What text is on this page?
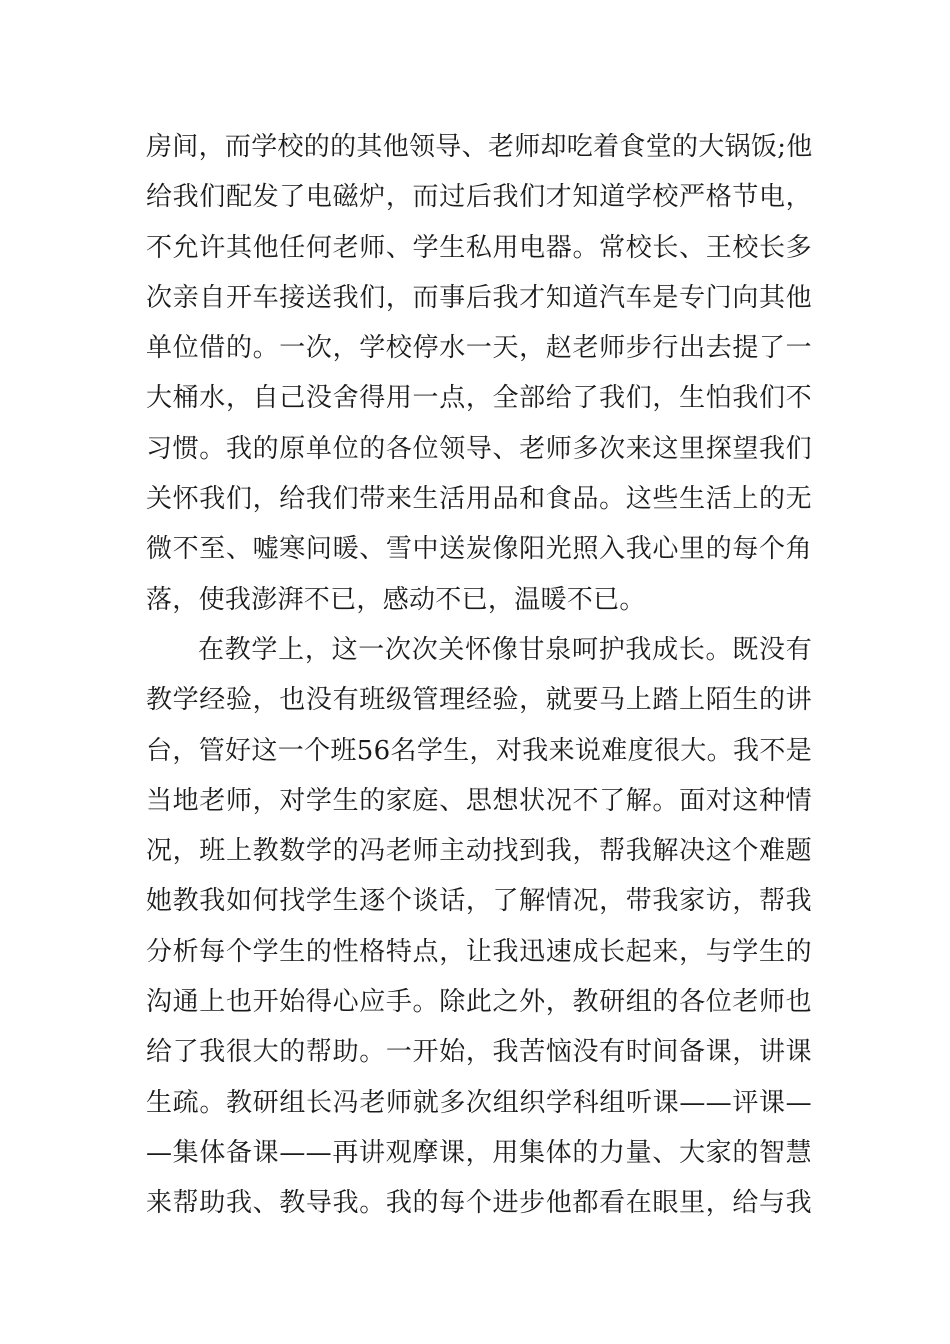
房间，而学校的的其他领导、老师却吃着食堂的大锅饭;他
给我们配发了电磁炉，而过后我们才知道学校严格节电，
不允许其他任何老师、学生私用电器。常校长、王校长多
次亲自开车接送我们，而事后我才知道汽车是专门向其他
单位借的。一次，学校停水一天，赵老师步行出去提了一
大桶水，自己没舍得用一点，全部给了我们，生怕我们不
习惯。我的原单位的各位领导、老师多次来这里探望我们
关怀我们，给我们带来生活用品和食品。这些生活上的无
微不至、嘘寒问暖、雪中送炭像阳光照入我心里的每个角
落，使我澎湃不已，感动不已，温暖不已。
在教学上，这一次次关怀像甘泉呵护我成长。既没有
教学经验，也没有班级管理经验，就要马上踏上陌生的讲
台，管好这一个班56名学生，对我来说难度很大。我不是
当地老师，对学生的家庭、思想状况不了解。面对这种情
况，班上教数学的冯老师主动找到我，帮我解决这个难题
她教我如何找学生逐个谈话，了解情况，带我家访，帮我
分析每个学生的性格特点，让我迅速成长起来，与学生的
沟通上也开始得心应手。除此之外，教研组的各位老师也
给了我很大的帮助。一开始，我苦恼没有时间备课，讲课
生疏。教研组长冯老师就多次组织学科组听课——评课—
—集体备课——再讲观摩课，用集体的力量、大家的智慧
来帮助我、教导我。我的每个进步他都看在眼里，给与我
